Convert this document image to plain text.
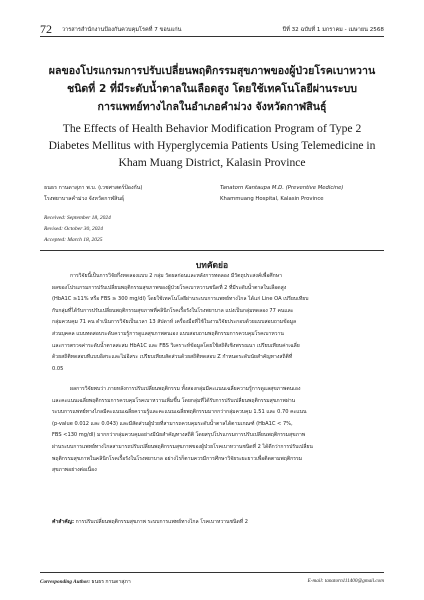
72 วารสารสำนักงานป้องกันควบคุมโรคที่ 7 ขอนแก่น	ปีที่ 32 ฉบับที่ 1 มกราคม - เมษายน 2568
ผลของโปรแกรมการปรับเปลี่ยนพฤติกรรมสุขภาพของผู้ป่วยโรคเบาหวาน
ชนิดที่ 2 ที่มีระดับน้ำตาลในเลือดสูง โดยใช้เทคโนโลยีผ่านระบบ
การแพทย์ทางไกลในอำเภอคำม่วง จังหวัดกาฬสินธุ์
The Effects of Health Behavior Modification Program of Type 2
Diabetes Mellitus with Hyperglycemia Patients Using Telemedicine in
Kham Muang District, Kalasin Province
ธนธร กานดาสุภา พ.บ. (เวชศาสตร์ป้องกัน)
โรงพยาบาลคำม่วง จังหวัดกาฬสินธุ์
Tanatorn Kantaupa M.D. (Preventive Medicine)
Khammuang Hospital, Kalasin Province
Received: September 18, 2024
Revised: October 30, 2024
Accepted: March 18, 2025
บทคัดย่อ
การวิจัยนี้เป็นการวิจัยกึ่งทดลองแบบ 2 กลุ่ม วัดผลก่อนและหลังการทดลอง มีวัตถุประสงค์เพื่อศึกษา
ผลของโปรแกรมการปรับเปลี่ยนพฤติกรรมสุขภาพของผู้ป่วยโรคเบาหวานชนิดที่ 2 ที่มีระดับน้ำตาลในเลือดสูง
(HbA1C ≥11% หรือ FBS ≥ 300 mg/dl) โดยใช้เทคโนโลยีผ่านระบบการแพทย์ทางไกล ได้แก่ Line OA เปรียบเทียบ
กับกลุ่มที่ได้รับการปรับเปลี่ยนพฤติกรรมสุขภาพที่คลินิกโรคเรื้อรังในโรงพยาบาล แบ่งเป็นกลุ่มทดลอง 77 คนและ
กลุ่มควบคุม 71 คน ดำเนินการวิจัยเป็นเวลา 13 สัปดาห์ เครื่องมือที่ใช้ในงานวิจัยประกอบด้วยแบบสอบถามข้อมูล
ส่วนบุคคล แบบทดสอบระดับความรู้การดูแลสุขภาพตนเอง แบบสอบถามพฤติกรรมการควบคุมโรคเบาหวาน
และการตรวจค่าระดับน้ำตาลสะสม HbA1C และ FBS วิเคราะห์ข้อมูลโดยใช้สถิติเชิงพรรณนา เปรียบเทียบค่าเฉลี่ย
ด้วยสถิติทดสอบทีแบบอิสระและไม่อิสระ เปรียบเทียบสัดส่วนด้วยสถิติทดสอบ Z กำหนดระดับนัยสำคัญทางสถิติที่
0.05
ผลการวิจัยพบว่า ภายหลังการปรับเปลี่ยนพฤติกรรม ทั้งสองกลุ่มมีคะแนนเฉลี่ยความรู้การดูแลสุขภาพตนเอง
และคะแนนเฉลี่ยพฤติกรรมการควบคุมโรคเบาหวานเพิ่มขึ้น โดยกลุ่มที่ได้รับการปรับเปลี่ยนพฤติกรรมสุขภาพผ่าน
ระบบการแพทย์ทางไกลมีคะแนนเฉลี่ยความรู้และคะแนนเฉลี่ยพฤติกรรมมากกว่ากลุ่มควบคุม 1.51 และ 0.70 คะแนน
(p-value 0.012 และ 0.043) และมีสัดส่วนผู้ป่วยที่สามารถควบคุมระดับน้ำตาลได้ตามเกณฑ์ (HbA1C < 7%,
FBS <130 mg/dl) มากกว่ากลุ่มควบคุมอย่างมีนัยสำคัญทางสถิติ โดยสรุปโปรแกรมการปรับเปลี่ยนพฤติกรรมสุขภาพ
ผ่านระบบการแพทย์ทางไกลสามารถปรับเปลี่ยนพฤติกรรมสุขภาพของผู้ป่วยโรคเบาหวานชนิดที่ 2 ได้ดีกว่าการปรับเปลี่ยน
พฤติกรรมสุขภาพในคลินิกโรคเรื้อรังในโรงพยาบาล อย่างไรก็ตามควรมีการศึกษาวิจัยระยะยาวเพื่อติดตามพฤติกรรม
สุขภาพอย่างต่อเนื่อง
คำสำคัญ: การปรับเปลี่ยนพฤติกรรมสุขภาพ ระบบการแพทย์ทางไกล โรคเบาหวานชนิดที่ 2
Corresponding Author: ธนธร กานดาสุภา	E-mail: tanatorn111400@gmail.com
